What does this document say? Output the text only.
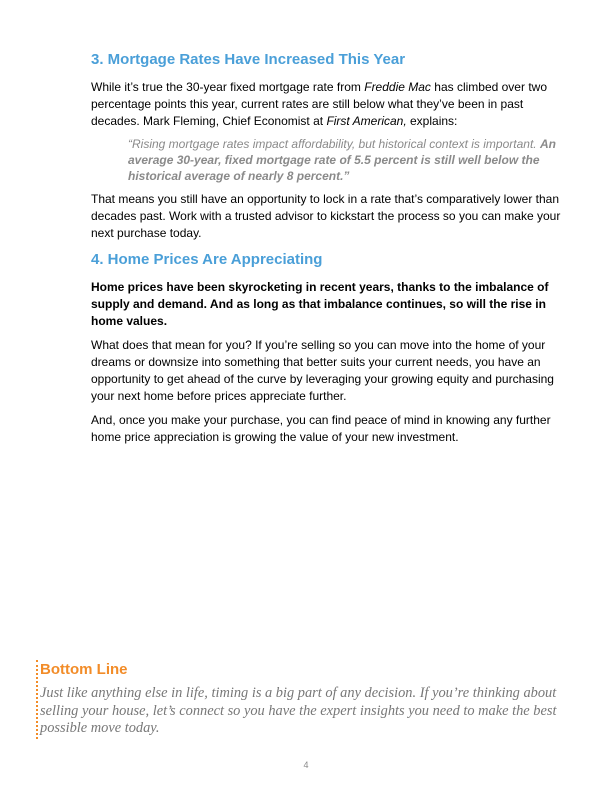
3. Mortgage Rates Have Increased This Year

While it’s true the 30-year fixed mortgage rate from Freddie Mac has climbed over two percentage points this year, current rates are still below what they’ve been in past decades. Mark Fleming, Chief Economist at First American, explains:

“Rising mortgage rates impact affordability, but historical context is important. An average 30-year, fixed mortgage rate of 5.5 percent is still well below the historical average of nearly 8 percent.”

That means you still have an opportunity to lock in a rate that’s comparatively lower than decades past. Work with a trusted advisor to kickstart the process so you can make your next purchase today.

4. Home Prices Are Appreciating

Home prices have been skyrocketing in recent years, thanks to the imbalance of supply and demand. And as long as that imbalance continues, so will the rise in home values.

What does that mean for you? If you’re selling so you can move into the home of your dreams or downsize into something that better suits your current needs, you have an opportunity to get ahead of the curve by leveraging your growing equity and purchasing your next home before prices appreciate further.

And, once you make your purchase, you can find peace of mind in knowing any further home price appreciation is growing the value of your new investment.

Bottom Line

Just like anything else in life, timing is a big part of any decision. If you’re thinking about selling your house, let’s connect so you have the expert insights you need to make the best possible move today.

4
